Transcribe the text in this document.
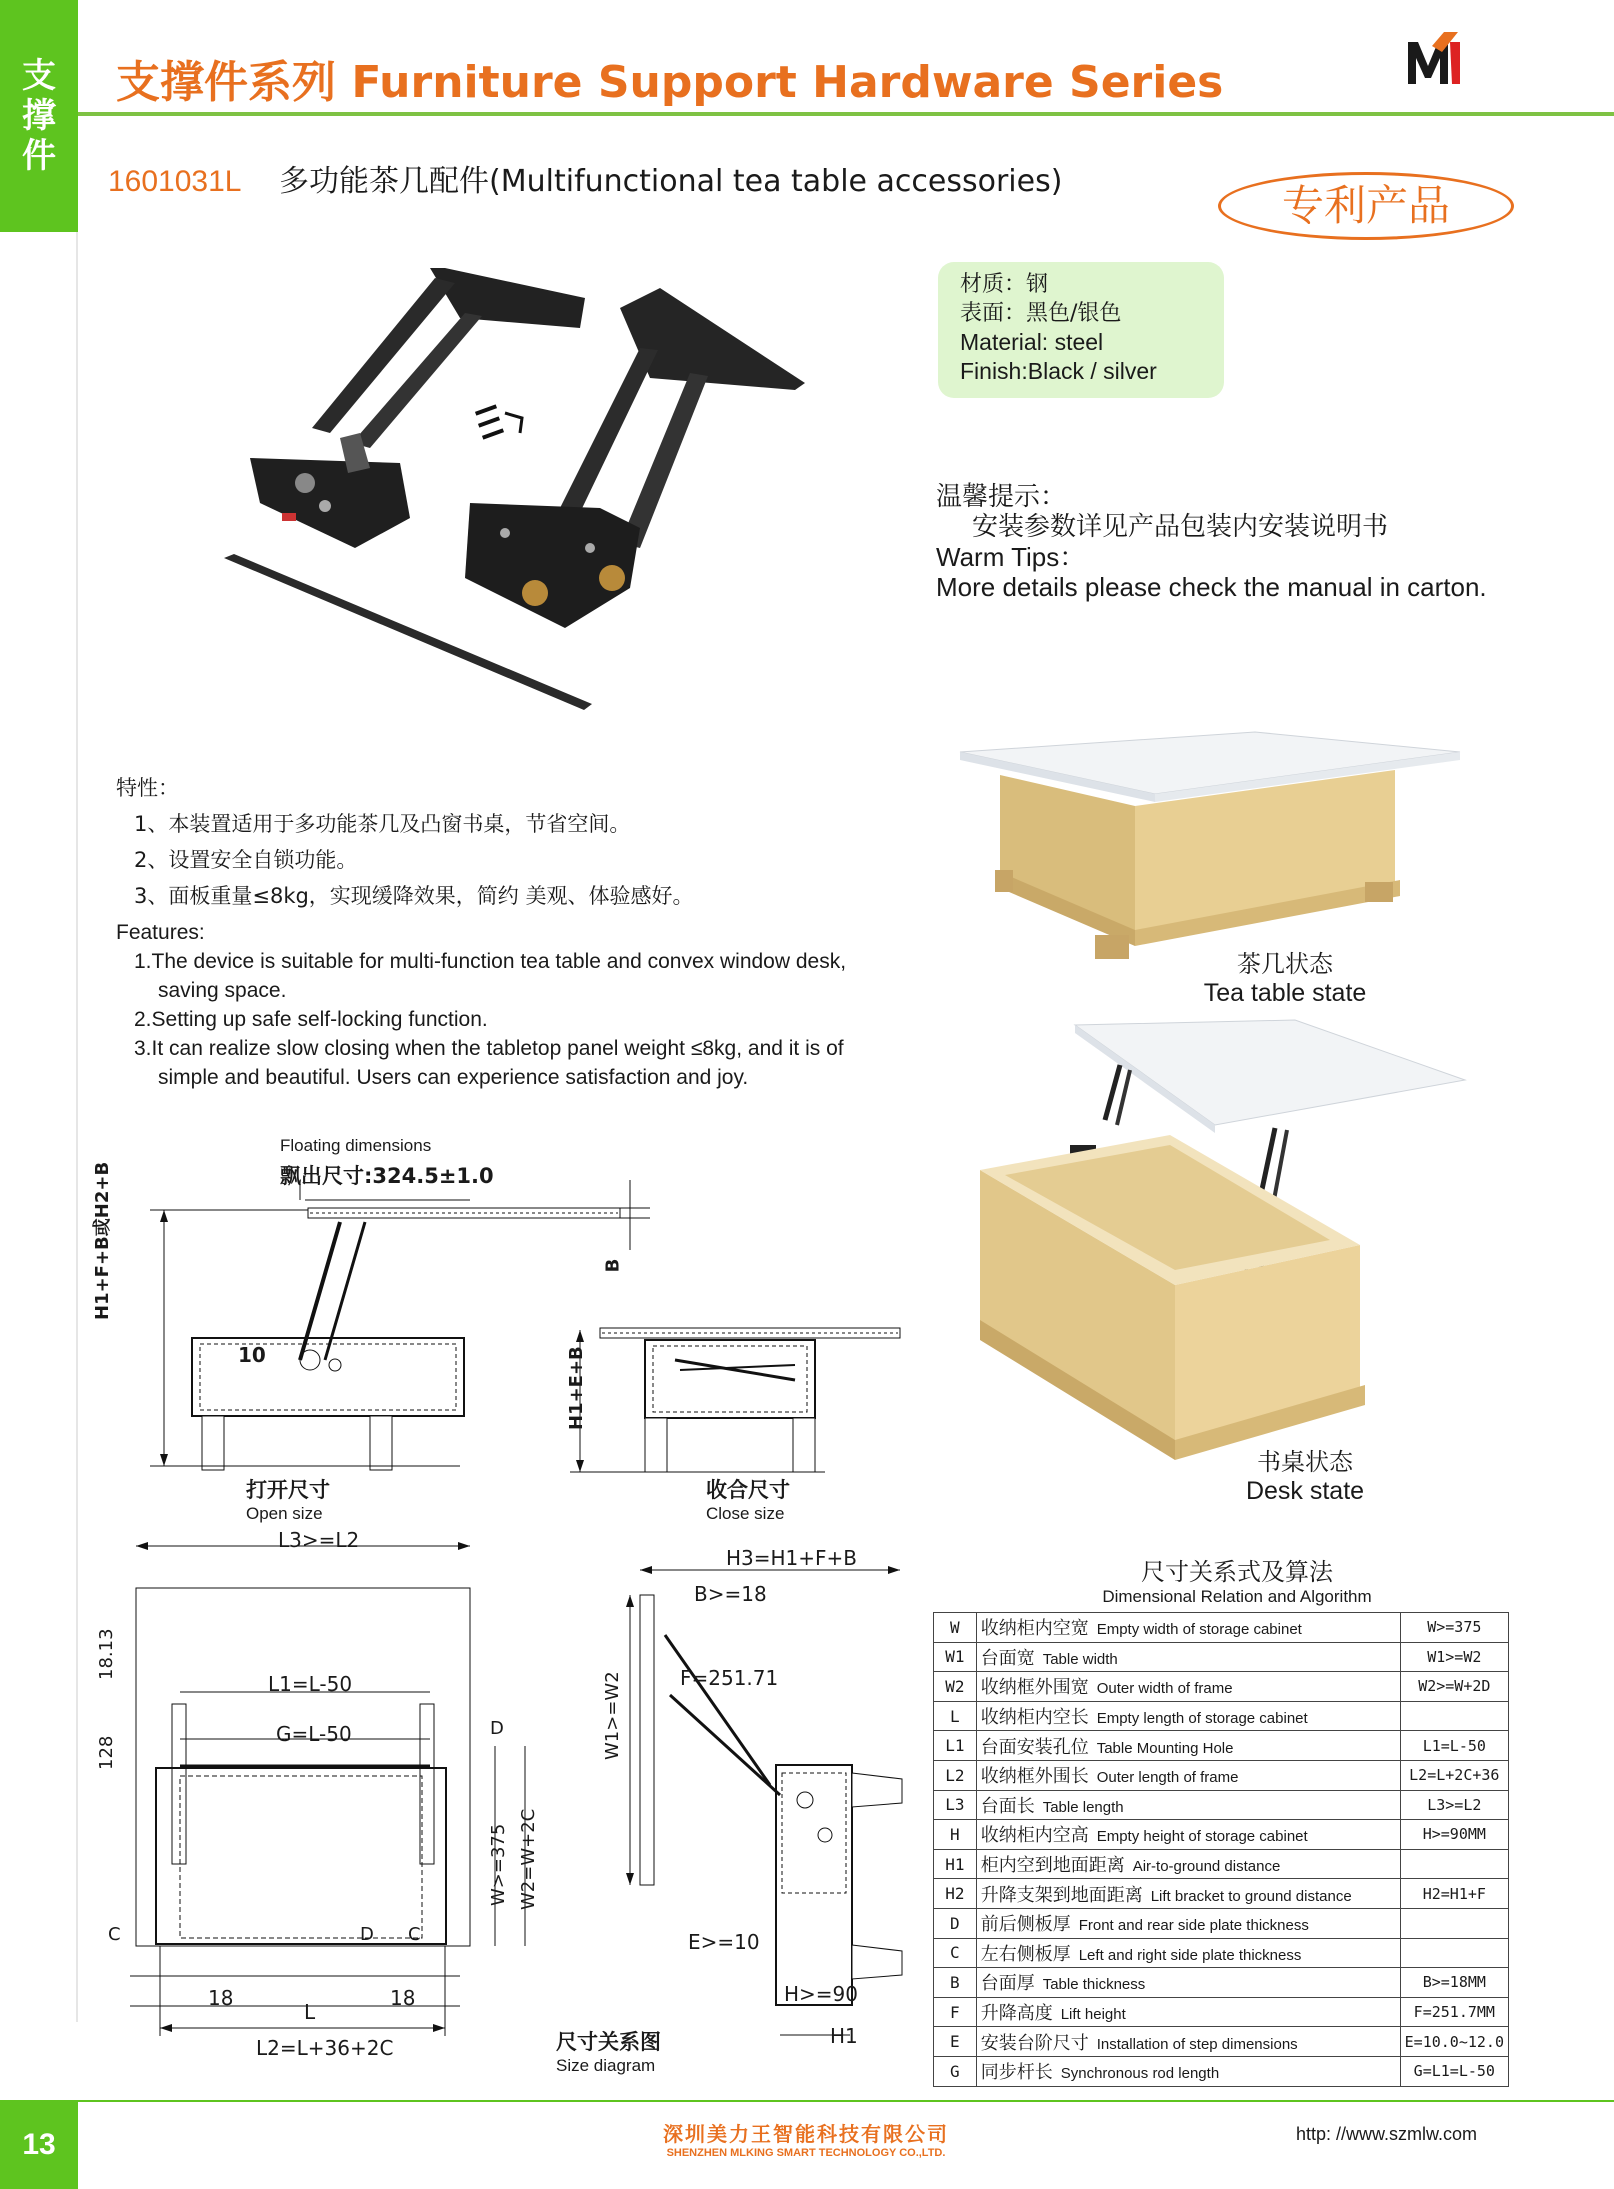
支
撑
件
支撑件系列 Furniture Support Hardware Series
1601031L 多功能茶几配件(Multifunctional tea table accessories)	专利产品
材质：钢
表面：黑色/银色
Material: steel
Finish:Black / silver
温馨提示：
安装参数详见产品包装内安装说明书
Warm Tips：
More details please check the manual in carton.
特性：
1、本装置适用于多功能茶几及凸窗书桌，节省空间。
2、设置安全自锁功能。
3、面板重量≤8kg，实现缓降效果，简约 美观、体验感好。
Features:
1.The device is suitable for multi-function tea table and convex window desk,
saving space.
2.Setting up safe self-locking function.
3.It can realize slow closing when the tabletop panel weight ≤8kg, and it is of
simple and beautiful. Users can experience satisfaction and joy.
茶几状态
Tea table state
书桌状态
Desk state
Floating dimensions
飘出尺寸:324.5±1.0
H1+F+B或H2+B	B
10
打开尺寸
Open size
H1+E+B
收合尺寸
Close size
L3>=L2
18.13
128
L1=L-50
G=L-50	D
W>=375 W2=W+2C
C	C
D
18	18
L
L2=L+36+2C	尺寸关系图
Size diagram
H3=H1+F+B
B>=18
F=251.71
W1>=W2
E>=10
H>=90
H1
尺寸关系式及算法
Dimensional Relation and Algorithm
W	收纳柜内空宽 Empty width of storage cabinet	W>=375
W1	台面宽 Table width	W1>=W2
W2	收纳框外围宽 Outer width of frame	W2>=W+2D
L	收纳柜内空长 Empty length of storage cabinet	
L1	台面安装孔位 Table Mounting Hole	L1=L-50
L2	收纳框外围长 Outer length of frame	L2=L+2C+36
L3	台面长 Table length	L3>=L2
H	收纳柜内空高 Empty height of storage cabinet	H>=90MM
H1	柜内空到地面距离 Air-to-ground distance	
H2	升降支架到地面距离 Lift bracket to ground distance	H2=H1+F
D	前后侧板厚 Front and rear side plate thickness	
C	左右侧板厚 Left and right side plate thickness	
B	台面厚 Table thickness	B>=18MM
F	升降高度 Lift height	F=251.7MM
E	安装台阶尺寸 Installation of step dimensions	E=10.0~12.0
G	同步杆长 Synchronous rod length	G=L1=L-50
13	深圳美力王智能科技有限公司
SHENZHEN MLKING SMART TECHNOLOGY CO.,LTD.
http: //www.szmlw.com
